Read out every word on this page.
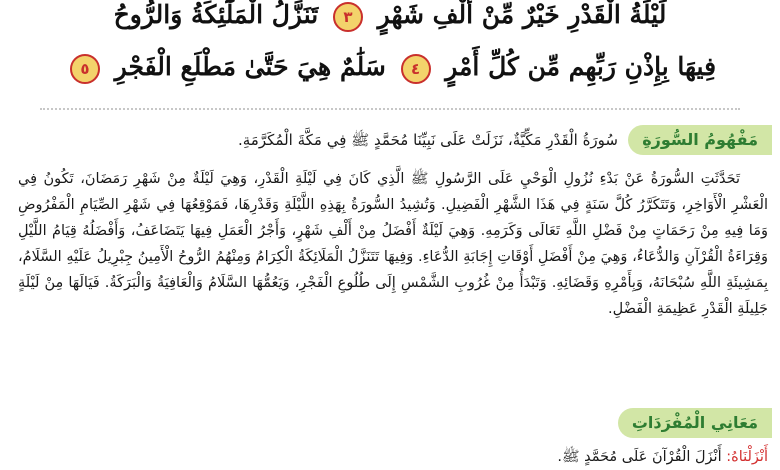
لَيْلَةُ الْقَدْرِ خَيْرٌ مِّنْ أَلْفِ شَهْرٍ ٣ تَنَزَّلُ الْمَلَٰٓئِكَةُ وَالرُّوحُ
فِيهَا بِإِذْنِ رَبِّهِم مِّن كُلِّ أَمْرٍ ٤ سَلَٰمٌ هِيَ حَتَّىٰ مَطْلَعِ الْفَجْرِ ٥
مَفْهُومُ السُّورَةِ
سُورَةُ الْقَدْرِ مَكِّيَّةٌ، نَزَلَتْ عَلَى نَبِيِّنَا مُحَمَّدٍ ﷺ فِي مَكَّةَ الْمُكَرَّمَةِ.

تَحَدَّثَتِ السُّورَةُ عَنْ بَدْءِ نُزُولِ الْوَحْيِ عَلَى الرَّسُولِ ﷺ الَّذِي كَانَ فِي لَيْلَةِ الْقَدْرِ، وَهِيَ لَيْلَةٌ مِنْ شَهْرِ رَمَضَانَ، تَكُونُ فِي الْعَشْرِ الْأَوَاخِرِ، وَتَتَكَرَّرُ كُلَّ سَنَةٍ فِي هَذَا الشَّهْرِ الْفَضِيلِ. وَتُشِيدُ السُّورَةُ بِهَذِهِ اللَّيْلَةِ وَقَدْرِهَا، فَمَوْقِعُهَا فِي شَهْرِ الصِّيَامِ الْمَفْرُوضِ وَمَا فِيهِ مِنْ رَحَمَاتٍ مِنْ فَضْلِ اللَّهِ تَعَالَى وَكَرَمِهِ. وَهِيَ لَيْلَةٌ أَفْضَلُ مِنْ أَلْفِ شَهْرٍ، وَأَجْرُ الْعَمَلِ فِيهَا يَتَضَاعَفُ، وَأَفْضَلُهُ قِيَامُ اللَّيْلِ وَقِرَاءَةُ الْقُرْآنِ وَالدُّعَاءُ، وَهِيَ مِنْ أَفْضَلِ أَوْقَاتِ إِجَابَةِ الدُّعَاءِ. وَفِيهَا تَتَنَزَّلُ الْمَلَائِكَةُ الْكِرَامُ وَمِنْهُمُ الرُّوحُ الْأَمِينُ جِبْرِيلُ عَلَيْهِ السَّلَامُ، بِمَشِيئَةِ اللَّهِ سُبْحَانَهُ، وَبِأَمْرِهِ وَقَضَائِهِ. وَتَبْدَأُ مِنْ غُرُوبِ الشَّمْسِ إِلَى طُلُوعِ الْفَجْرِ، وَيَعُمُّهَا السَّلَامُ وَالْعَافِيَةُ وَالْبَرَكَةُ. فَيَالَهَا مِنْ لَيْلَةٍ جَلِيلَةِ الْقَدْرِ عَظِيمَةِ الْفَضْلِ.

مَعَانِي الْمُفْرَدَاتِ
أَنْزَلْنَاهُ: أَنْزَلَ الْقُرْآنَ عَلَى مُحَمَّدٍ ﷺ.
